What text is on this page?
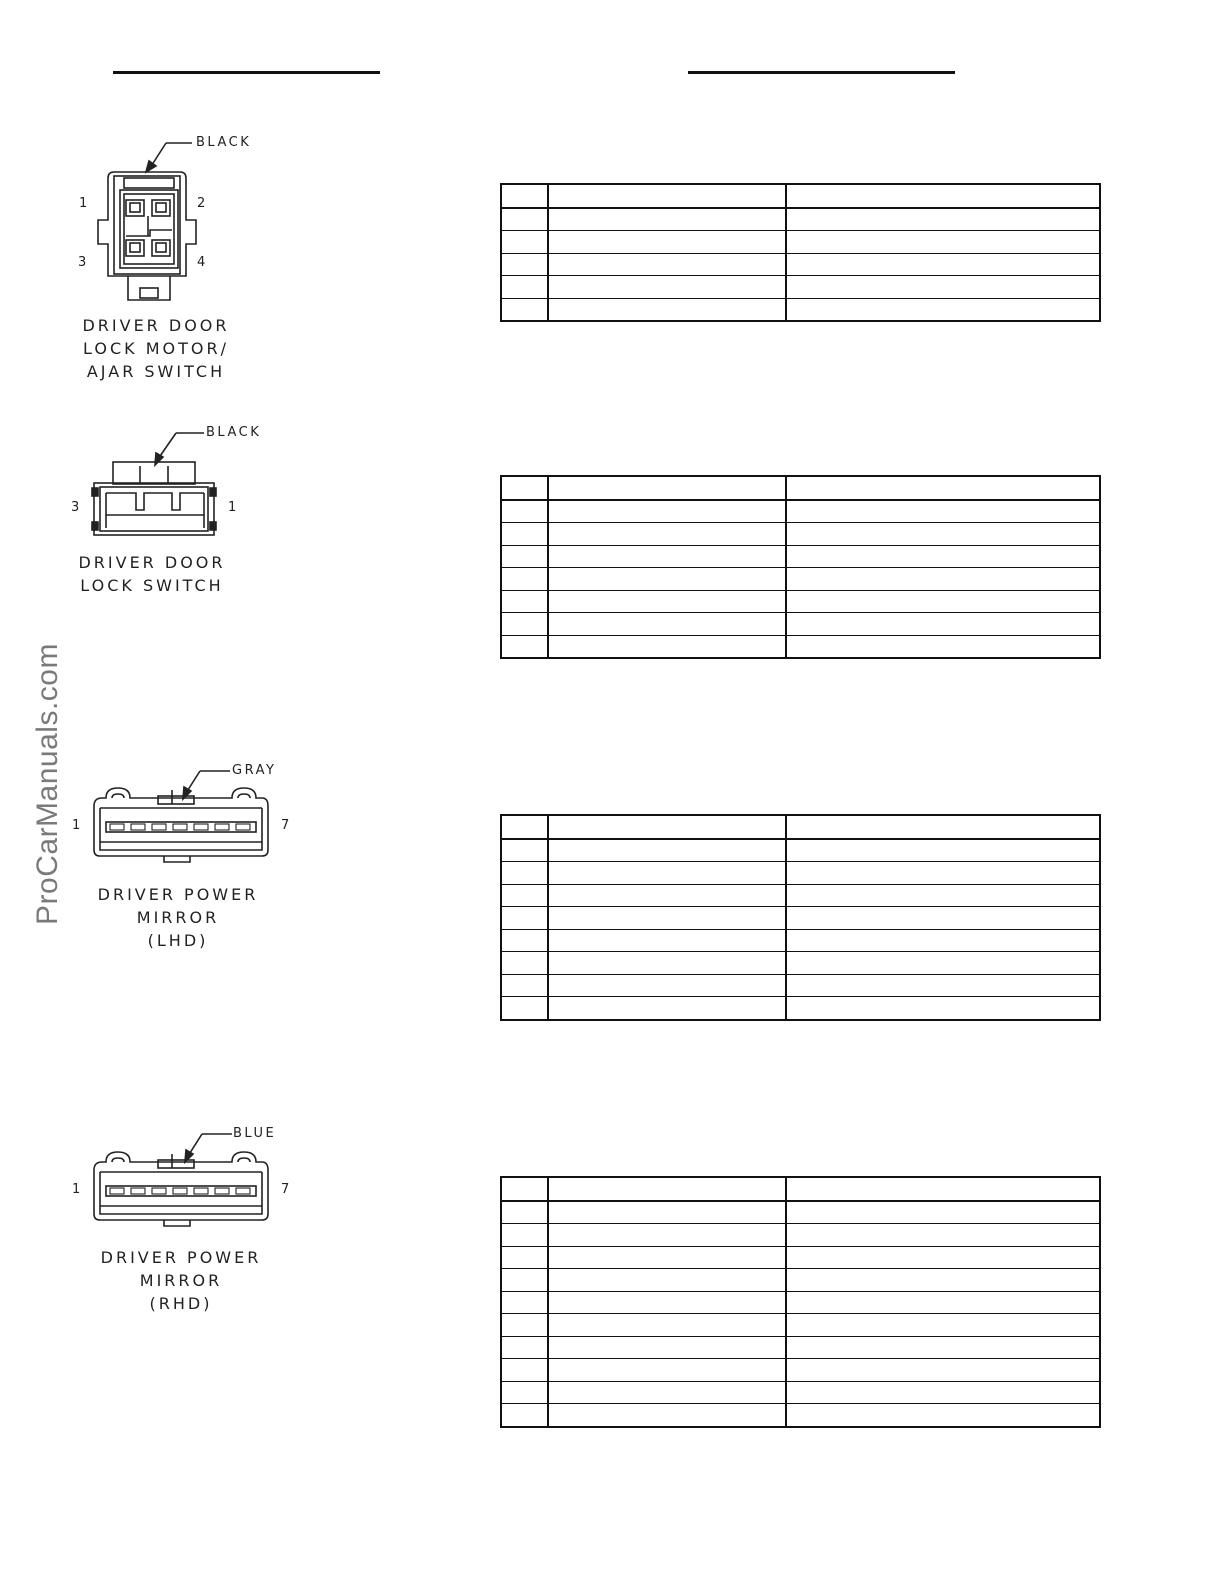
ProCarManuals.com
BLACK
1	2
3	4
DRIVER DOOR
LOCK MOTOR/
AJAR SWITCH

BLACK
3	1
DRIVER DOOR
LOCK SWITCH

GRAY
1	7
DRIVER POWER
MIRROR
(LHD)

BLUE
1	7
DRIVER POWER
MIRROR
(RHD)
